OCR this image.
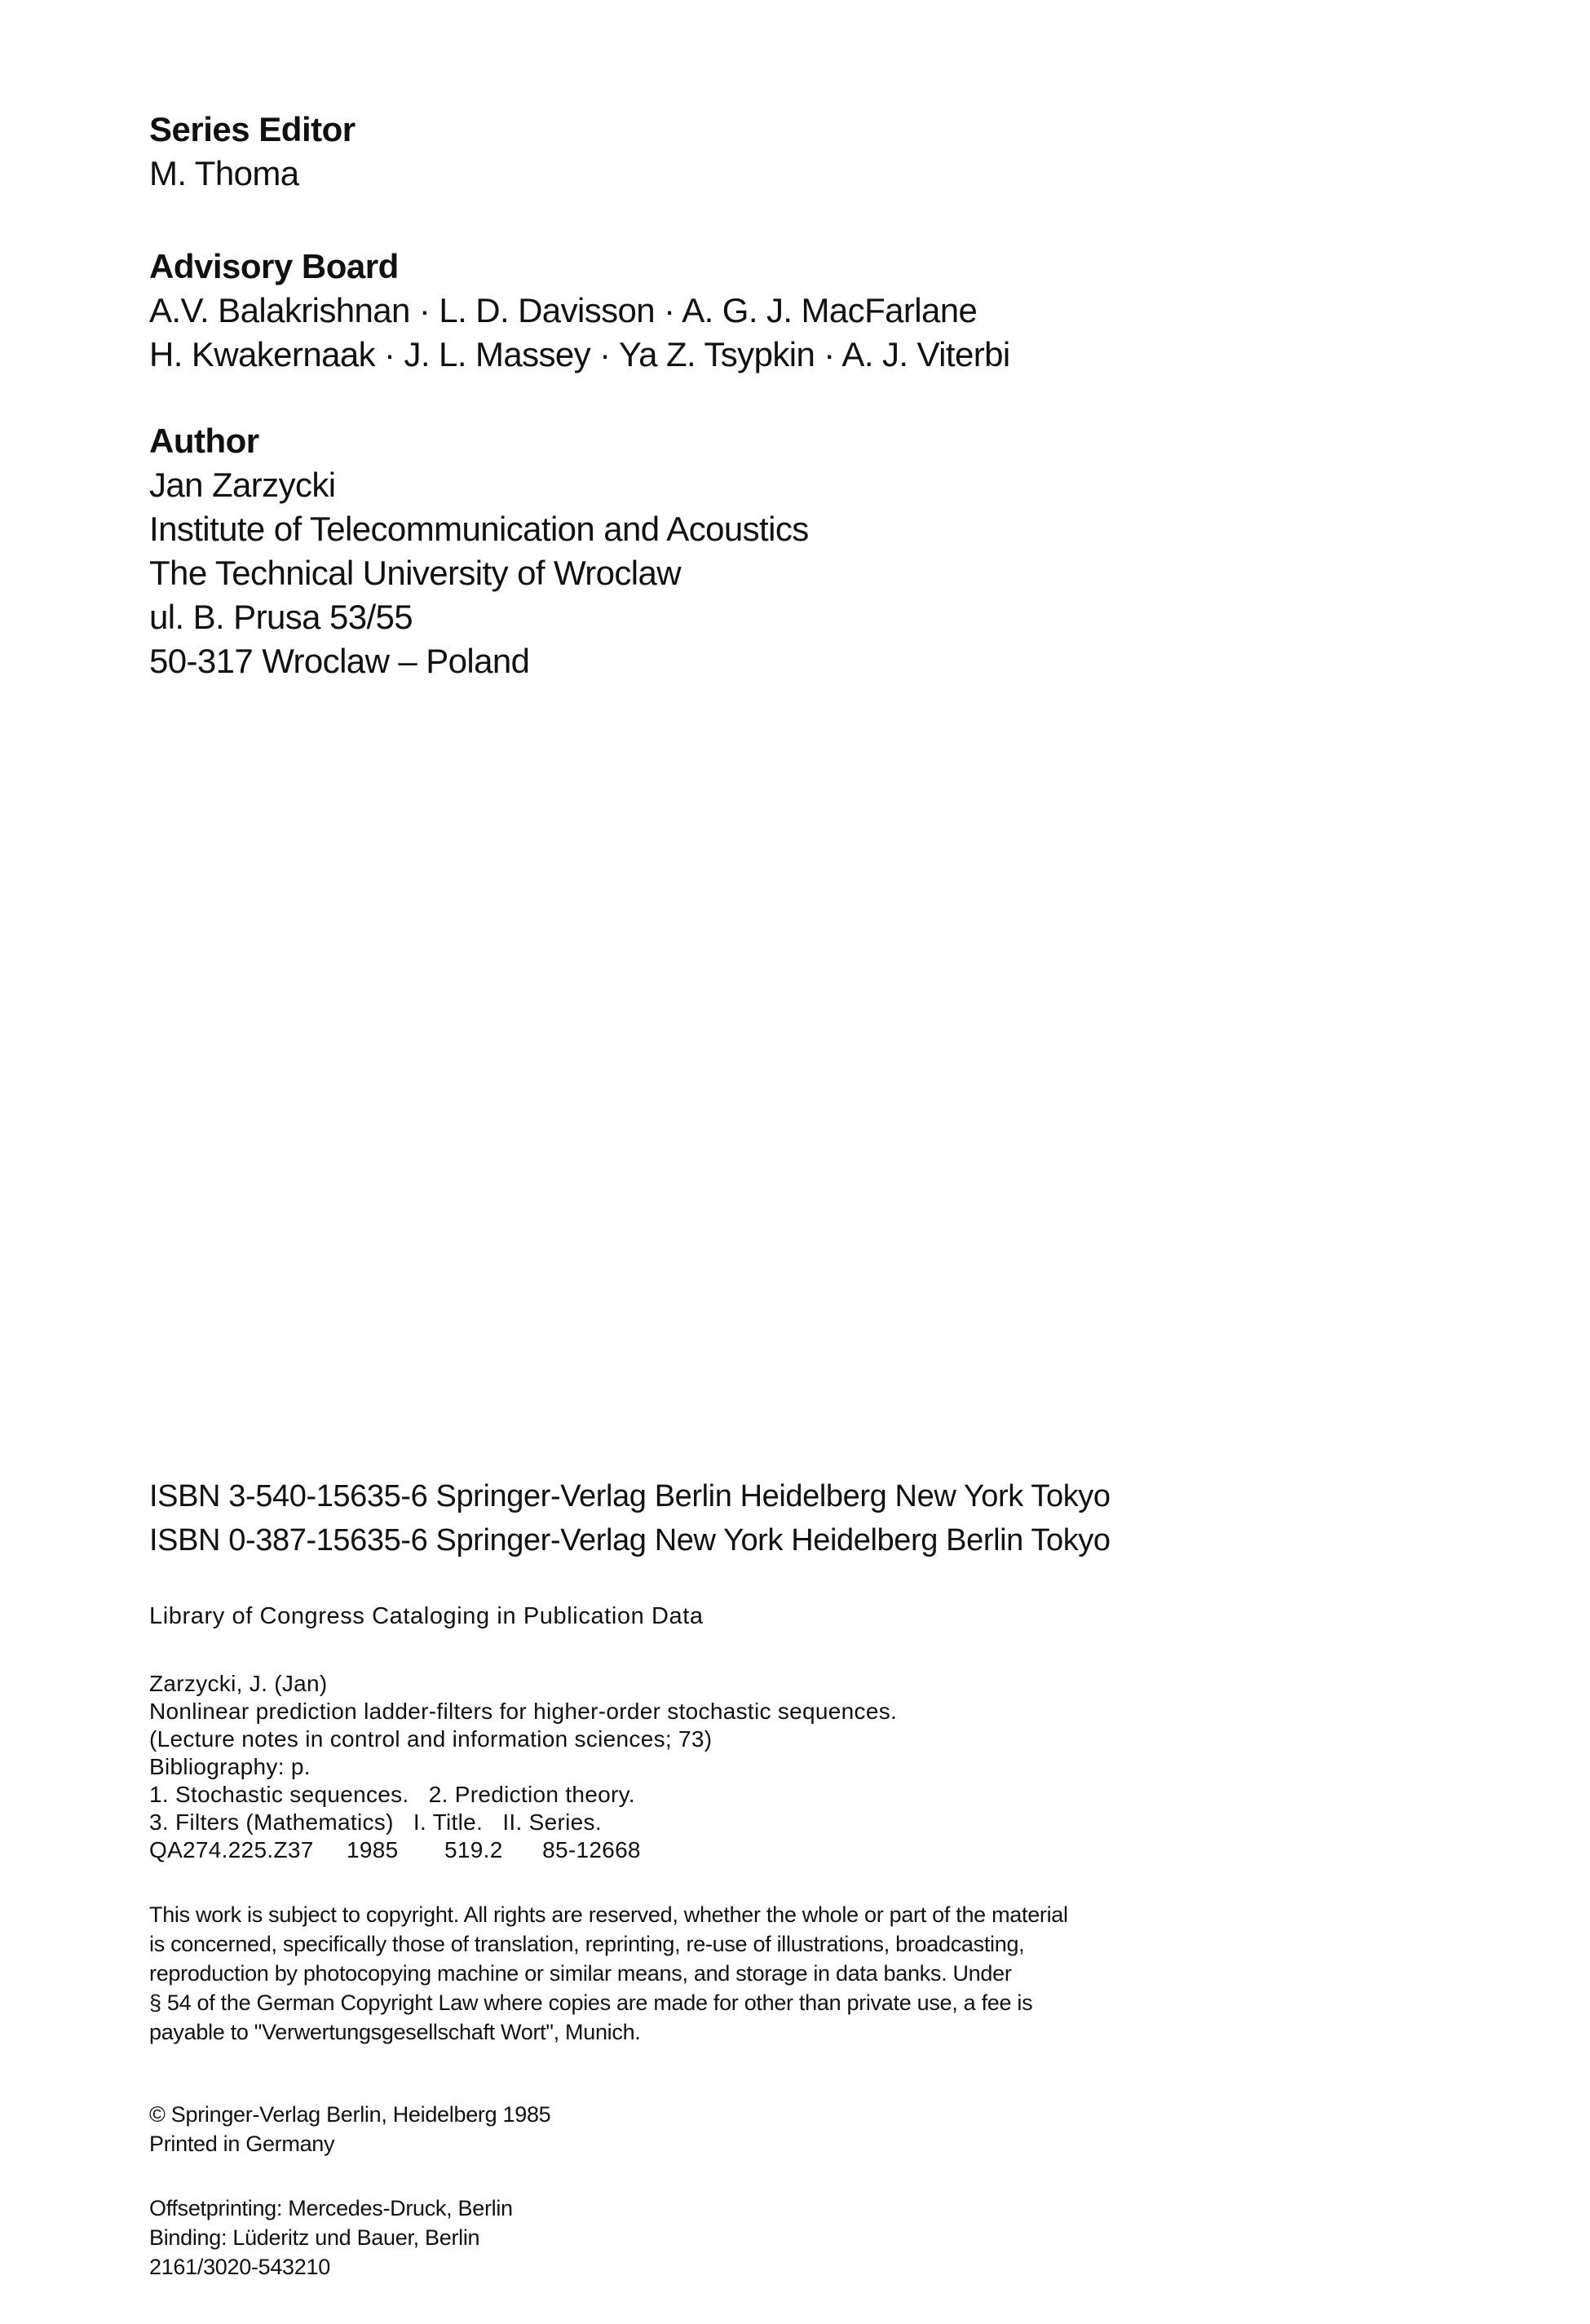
Series Editor
M. Thoma
Advisory Board
A.V. Balakrishnan · L. D. Davisson · A. G. J. MacFarlane
H. Kwakernaak · J. L. Massey · Ya Z. Tsypkin · A. J. Viterbi
Author
Jan Zarzycki
Institute of Telecommunication and Acoustics
The Technical University of Wroclaw
ul. B. Prusa 53/55
50-317 Wroclaw – Poland
ISBN 3-540-15635-6 Springer-Verlag Berlin Heidelberg New York Tokyo
ISBN 0-387-15635-6 Springer-Verlag New York Heidelberg Berlin Tokyo
Library of Congress Cataloging in Publication Data
Zarzycki, J. (Jan)
Nonlinear prediction ladder-filters for higher-order stochastic sequences.
(Lecture notes in control and information sciences; 73)
Bibliography: p.
1. Stochastic sequences.   2. Prediction theory.
3. Filters (Mathematics)   I. Title.   II. Series.
QA274.225.Z37     1985       519.2      85-12668
This work is subject to copyright. All rights are reserved, whether the whole or part of the material
is concerned, specifically those of translation, reprinting, re-use of illustrations, broadcasting,
reproduction by photocopying machine or similar means, and storage in data banks. Under
§ 54 of the German Copyright Law where copies are made for other than private use, a fee is
payable to "Verwertungsgesellschaft Wort", Munich.
© Springer-Verlag Berlin, Heidelberg 1985
Printed in Germany
Offsetprinting: Mercedes-Druck, Berlin
Binding: Lüderitz und Bauer, Berlin
2161/3020-543210
